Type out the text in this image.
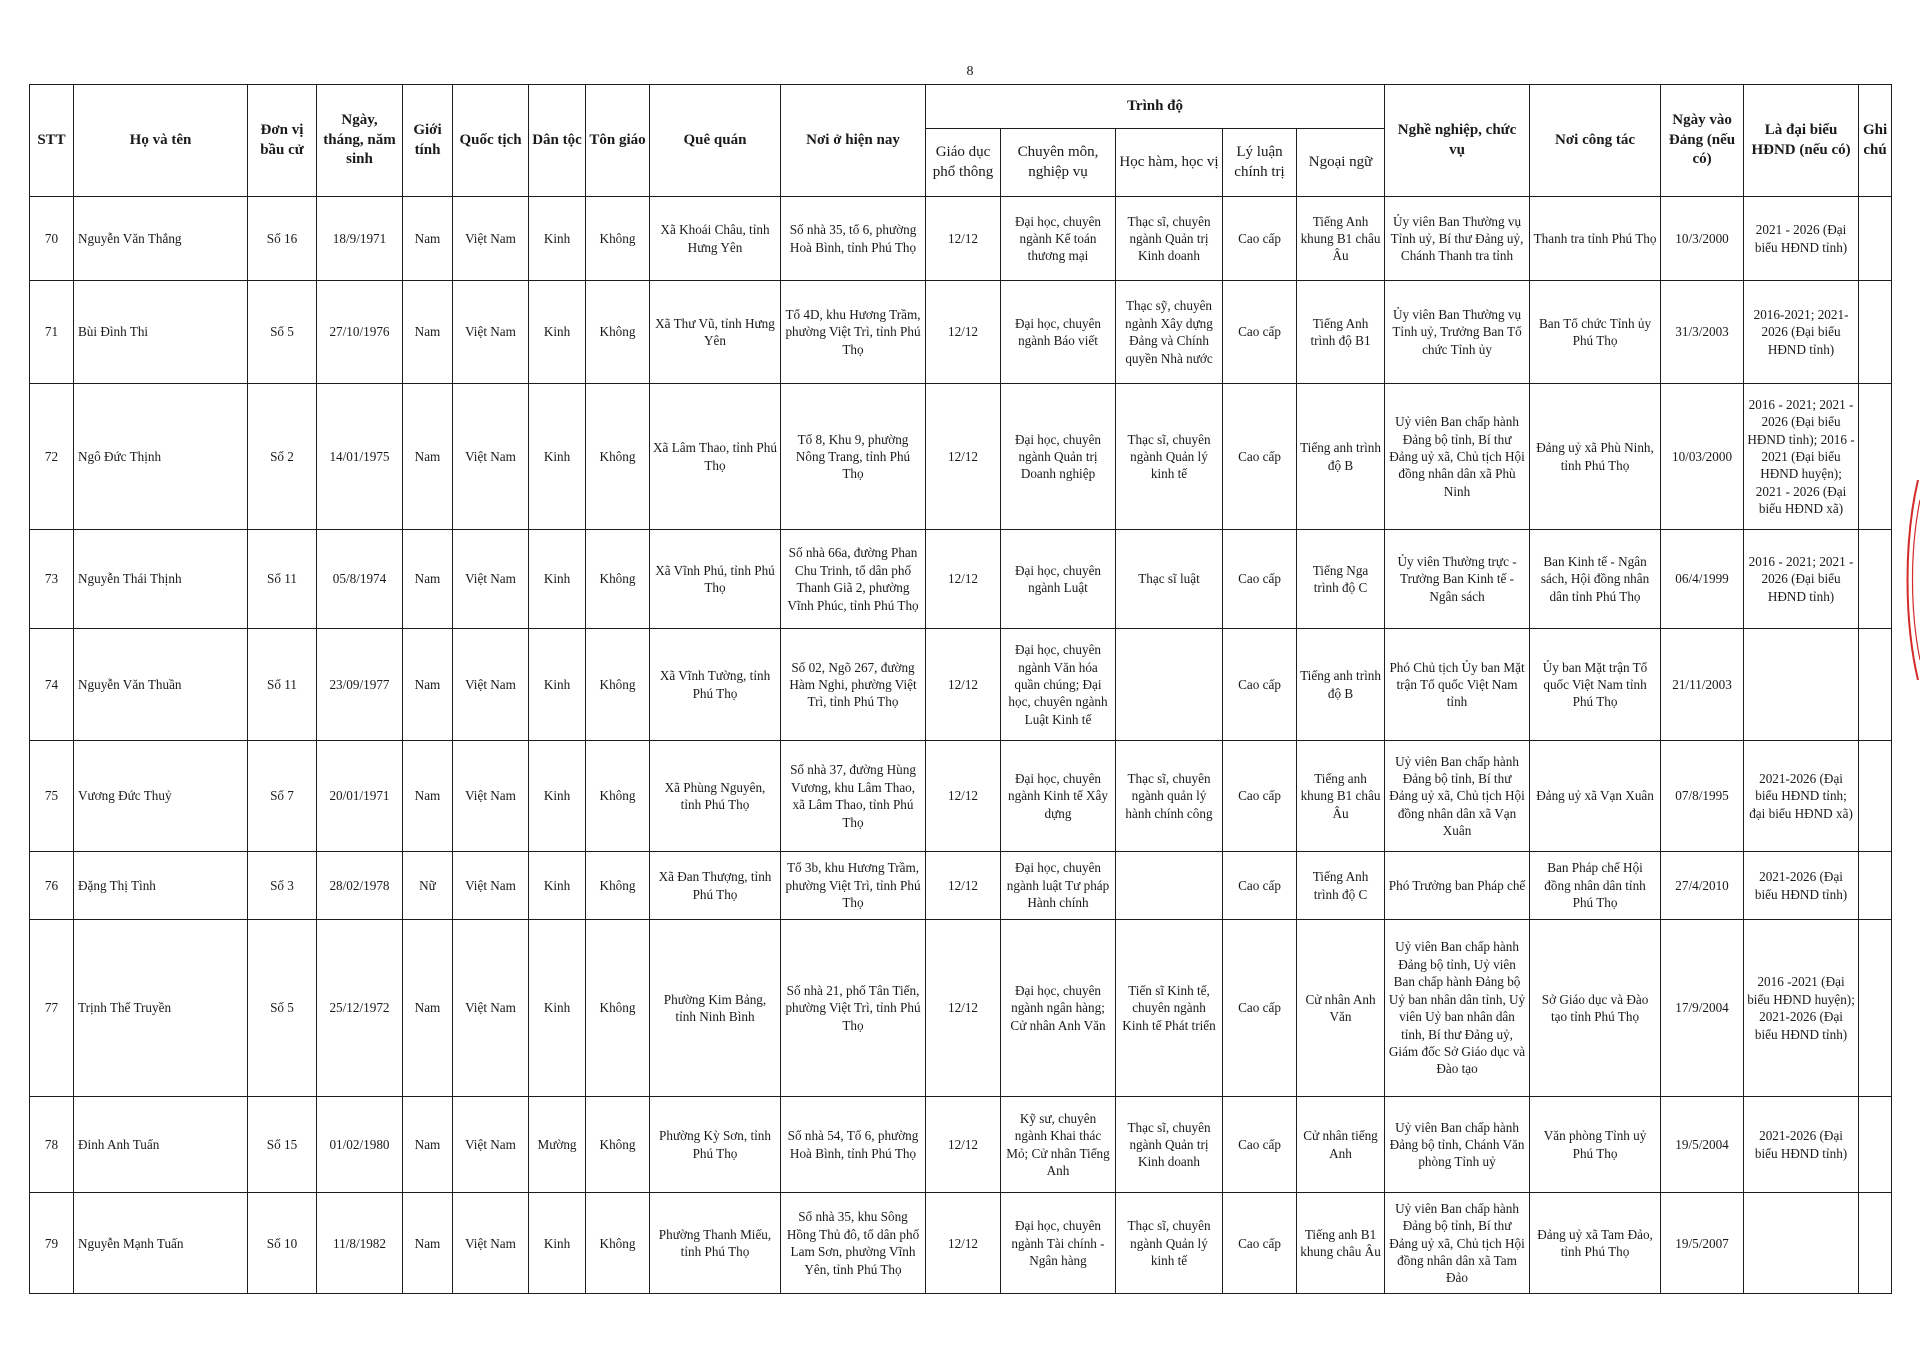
8
STT	Họ và tên	Đơn vị bầu cử	Ngày, tháng, năm sinh	Giới tính	Quốc tịch	Dân tộc	Tôn giáo	Quê quán	Nơi ở hiện nay	Trình độ					Nghề nghiệp, chức vụ	Nơi công tác	Ngày vào Đảng (nếu có)	Là đại biểu HĐND (nếu có)	Ghi chú
										Giáo dục phổ thông	Chuyên môn, nghiệp vụ	Học hàm, học vị	Lý luận chính trị	Ngoại ngữ					
70	Nguyễn Văn Thắng	Số 16	18/9/1971	Nam	Việt Nam	Kinh	Không	Xã Khoái Châu, tỉnh Hưng Yên	Số nhà 35, tổ 6, phường Hoà Bình, tỉnh Phú Thọ	12/12	Đại học, chuyên ngành Kế toán thương mại	Thạc sĩ, chuyên ngành Quản trị Kinh doanh	Cao cấp	Tiếng Anh khung B1 châu Âu	Ủy viên Ban Thường vụ Tỉnh uỷ, Bí thư Đảng uỷ, Chánh Thanh tra tỉnh	Thanh tra tỉnh Phú Thọ	10/3/2000	2021 - 2026 (Đại biểu HĐND tỉnh)	
71	Bùi Đình Thi	Số 5	27/10/1976	Nam	Việt Nam	Kinh	Không	Xã Thư Vũ, tỉnh Hưng Yên	Tổ 4D, khu Hương Trầm, phường Việt Trì, tỉnh Phú Thọ	12/12	Đại học, chuyên ngành Báo viết	Thạc sỹ, chuyên ngành Xây dựng Đảng và Chính quyền Nhà nước	Cao cấp	Tiếng Anh trình độ B1	Ủy viên Ban Thường vụ Tỉnh uỷ, Trưởng Ban Tổ chức Tỉnh ủy	Ban Tổ chức Tỉnh ủy Phú Thọ	31/3/2003	2016-2021; 2021-2026 (Đại biểu HĐND tỉnh)	
72	Ngô Đức Thịnh	Số 2	14/01/1975	Nam	Việt Nam	Kinh	Không	Xã Lâm Thao, tỉnh Phú Thọ	Tổ 8, Khu 9, phường Nông Trang, tỉnh Phú Thọ	12/12	Đại học, chuyên ngành Quản trị Doanh nghiệp	Thạc sĩ, chuyên ngành Quản lý kinh tế	Cao cấp	Tiếng anh trình độ B	Uỷ viên Ban chấp hành Đảng bộ tỉnh, Bí thư Đảng uỷ xã, Chủ tịch Hội đồng nhân dân xã Phù Ninh	Đảng uỷ xã Phù Ninh, tỉnh Phú Thọ	10/03/2000	2016 - 2021; 2021 - 2026 (Đại biểu HĐND tỉnh); 2016 - 2021 (Đại biểu HĐND huyện); 2021 - 2026 (Đại biểu HĐND xã)	
73	Nguyễn Thái Thịnh	Số 11	05/8/1974	Nam	Việt Nam	Kinh	Không	Xã Vĩnh Phú, tỉnh Phú Thọ	Số nhà 66a, đường Phan Chu Trinh, tổ dân phố Thanh Giã 2, phường Vĩnh Phúc, tỉnh Phú Thọ	12/12	Đại học, chuyên ngành Luật	Thạc sĩ luật	Cao cấp	Tiếng Nga trình độ C	Ủy viên Thường trực - Trưởng Ban Kinh tế - Ngân sách	Ban Kinh tế - Ngân sách, Hội đồng nhân dân tỉnh Phú Thọ	06/4/1999	2016 - 2021; 2021 - 2026 (Đại biểu HĐND tỉnh)	
74	Nguyễn Văn Thuần	Số 11	23/09/1977	Nam	Việt Nam	Kinh	Không	Xã Vĩnh Tường, tỉnh Phú Thọ	Số 02, Ngõ 267, đường Hàm Nghi, phường Việt Trì, tỉnh Phú Thọ	12/12	Đại học, chuyên ngành Văn hóa quần chúng; Đại học, chuyên ngành Luật Kinh tế		Cao cấp	Tiếng anh trình độ B	Phó Chủ tịch Ủy ban Mặt trận Tổ quốc Việt Nam tỉnh	Ủy ban Mặt trận Tổ quốc Việt Nam tỉnh Phú Thọ	21/11/2003		
75	Vương Đức Thuỷ	Số 7	20/01/1971	Nam	Việt Nam	Kinh	Không	Xã Phùng Nguyên, tỉnh Phú Thọ	Số nhà 37, đường Hùng Vương, khu Lâm Thao, xã Lâm Thao, tỉnh Phú Thọ	12/12	Đại học, chuyên ngành Kinh tế Xây dựng	Thạc sĩ, chuyên ngành quản lý hành chính công	Cao cấp	Tiếng anh khung B1 châu Âu	Uỷ viên Ban chấp hành Đảng bộ tỉnh, Bí thư Đảng uỷ xã, Chủ tịch Hội đồng nhân dân xã Vạn Xuân	Đảng uỷ xã Vạn Xuân	07/8/1995	2021-2026 (Đại biểu HĐND tỉnh; đại biểu HĐND xã)	
76	Đặng Thị Tình	Số 3	28/02/1978	Nữ	Việt Nam	Kinh	Không	Xã Đan Thượng, tỉnh Phú Thọ	Tổ 3b, khu Hương Trầm, phường Việt Trì, tỉnh Phú Thọ	12/12	Đại học, chuyên ngành luật Tư pháp Hành chính		Cao cấp	Tiếng Anh trình độ C	Phó Trưởng ban Pháp chế	Ban Pháp chế Hội đồng nhân dân tỉnh Phú Thọ	27/4/2010	2021-2026 (Đại biểu HĐND tỉnh)	
77	Trịnh Thế Truyền	Số 5	25/12/1972	Nam	Việt Nam	Kinh	Không	Phường Kim Bảng, tỉnh Ninh Bình	Số nhà 21, phố Tân Tiến, phường Việt Trì, tỉnh Phú Thọ	12/12	Đại học, chuyên ngành ngân hàng; Cử nhân Anh Văn	Tiến sĩ Kinh tế, chuyên ngành Kinh tế Phát triển	Cao cấp	Cử nhân Anh Văn	Uỷ viên Ban chấp hành Đảng bộ tỉnh, Uỷ viên Ban chấp hành Đảng bộ Uỷ ban nhân dân tỉnh, Uỷ viên Uỷ ban nhân dân tỉnh, Bí thư Đảng uỷ, Giám đốc Sở Giáo dục và Đào tạo	Sở Giáo dục và Đào tạo tỉnh Phú Thọ	17/9/2004	2016 -2021 (Đại biểu HĐND huyện); 2021-2026 (Đại biểu HĐND tỉnh)	
78	Đinh Anh Tuấn	Số 15	01/02/1980	Nam	Việt Nam	Mường	Không	Phường Kỳ Sơn, tỉnh Phú Thọ	Số nhà 54, Tổ 6, phường Hoà Bình, tỉnh Phú Thọ	12/12	Kỹ sư, chuyên ngành Khai thác Mỏ; Cử nhân Tiếng Anh	Thạc sĩ, chuyên ngành Quản trị Kinh doanh	Cao cấp	Cử nhân tiếng Anh	Uỷ viên Ban chấp hành Đảng bộ tỉnh, Chánh Văn phòng Tỉnh uỷ	Văn phòng Tỉnh uỷ Phú Thọ	19/5/2004	2021-2026 (Đại biểu HĐND tỉnh)	
79	Nguyễn Mạnh Tuấn	Số 10	11/8/1982	Nam	Việt Nam	Kinh	Không	Phường Thanh Miếu, tỉnh Phú Thọ	Số nhà 35, khu Sông Hồng Thủ đô, tổ dân phố Lam Sơn, phường Vĩnh Yên, tỉnh Phú Thọ	12/12	Đại học, chuyên ngành Tài chính - Ngân hàng	Thạc sĩ, chuyên ngành Quản lý kinh tế	Cao cấp	Tiếng anh B1 khung châu Âu	Uỷ viên Ban chấp hành Đảng bộ tỉnh, Bí thư Đảng uỷ xã, Chủ tịch Hội đồng nhân dân xã Tam Đảo	Đảng uỷ xã Tam Đảo, tỉnh Phú Thọ	19/5/2007		
